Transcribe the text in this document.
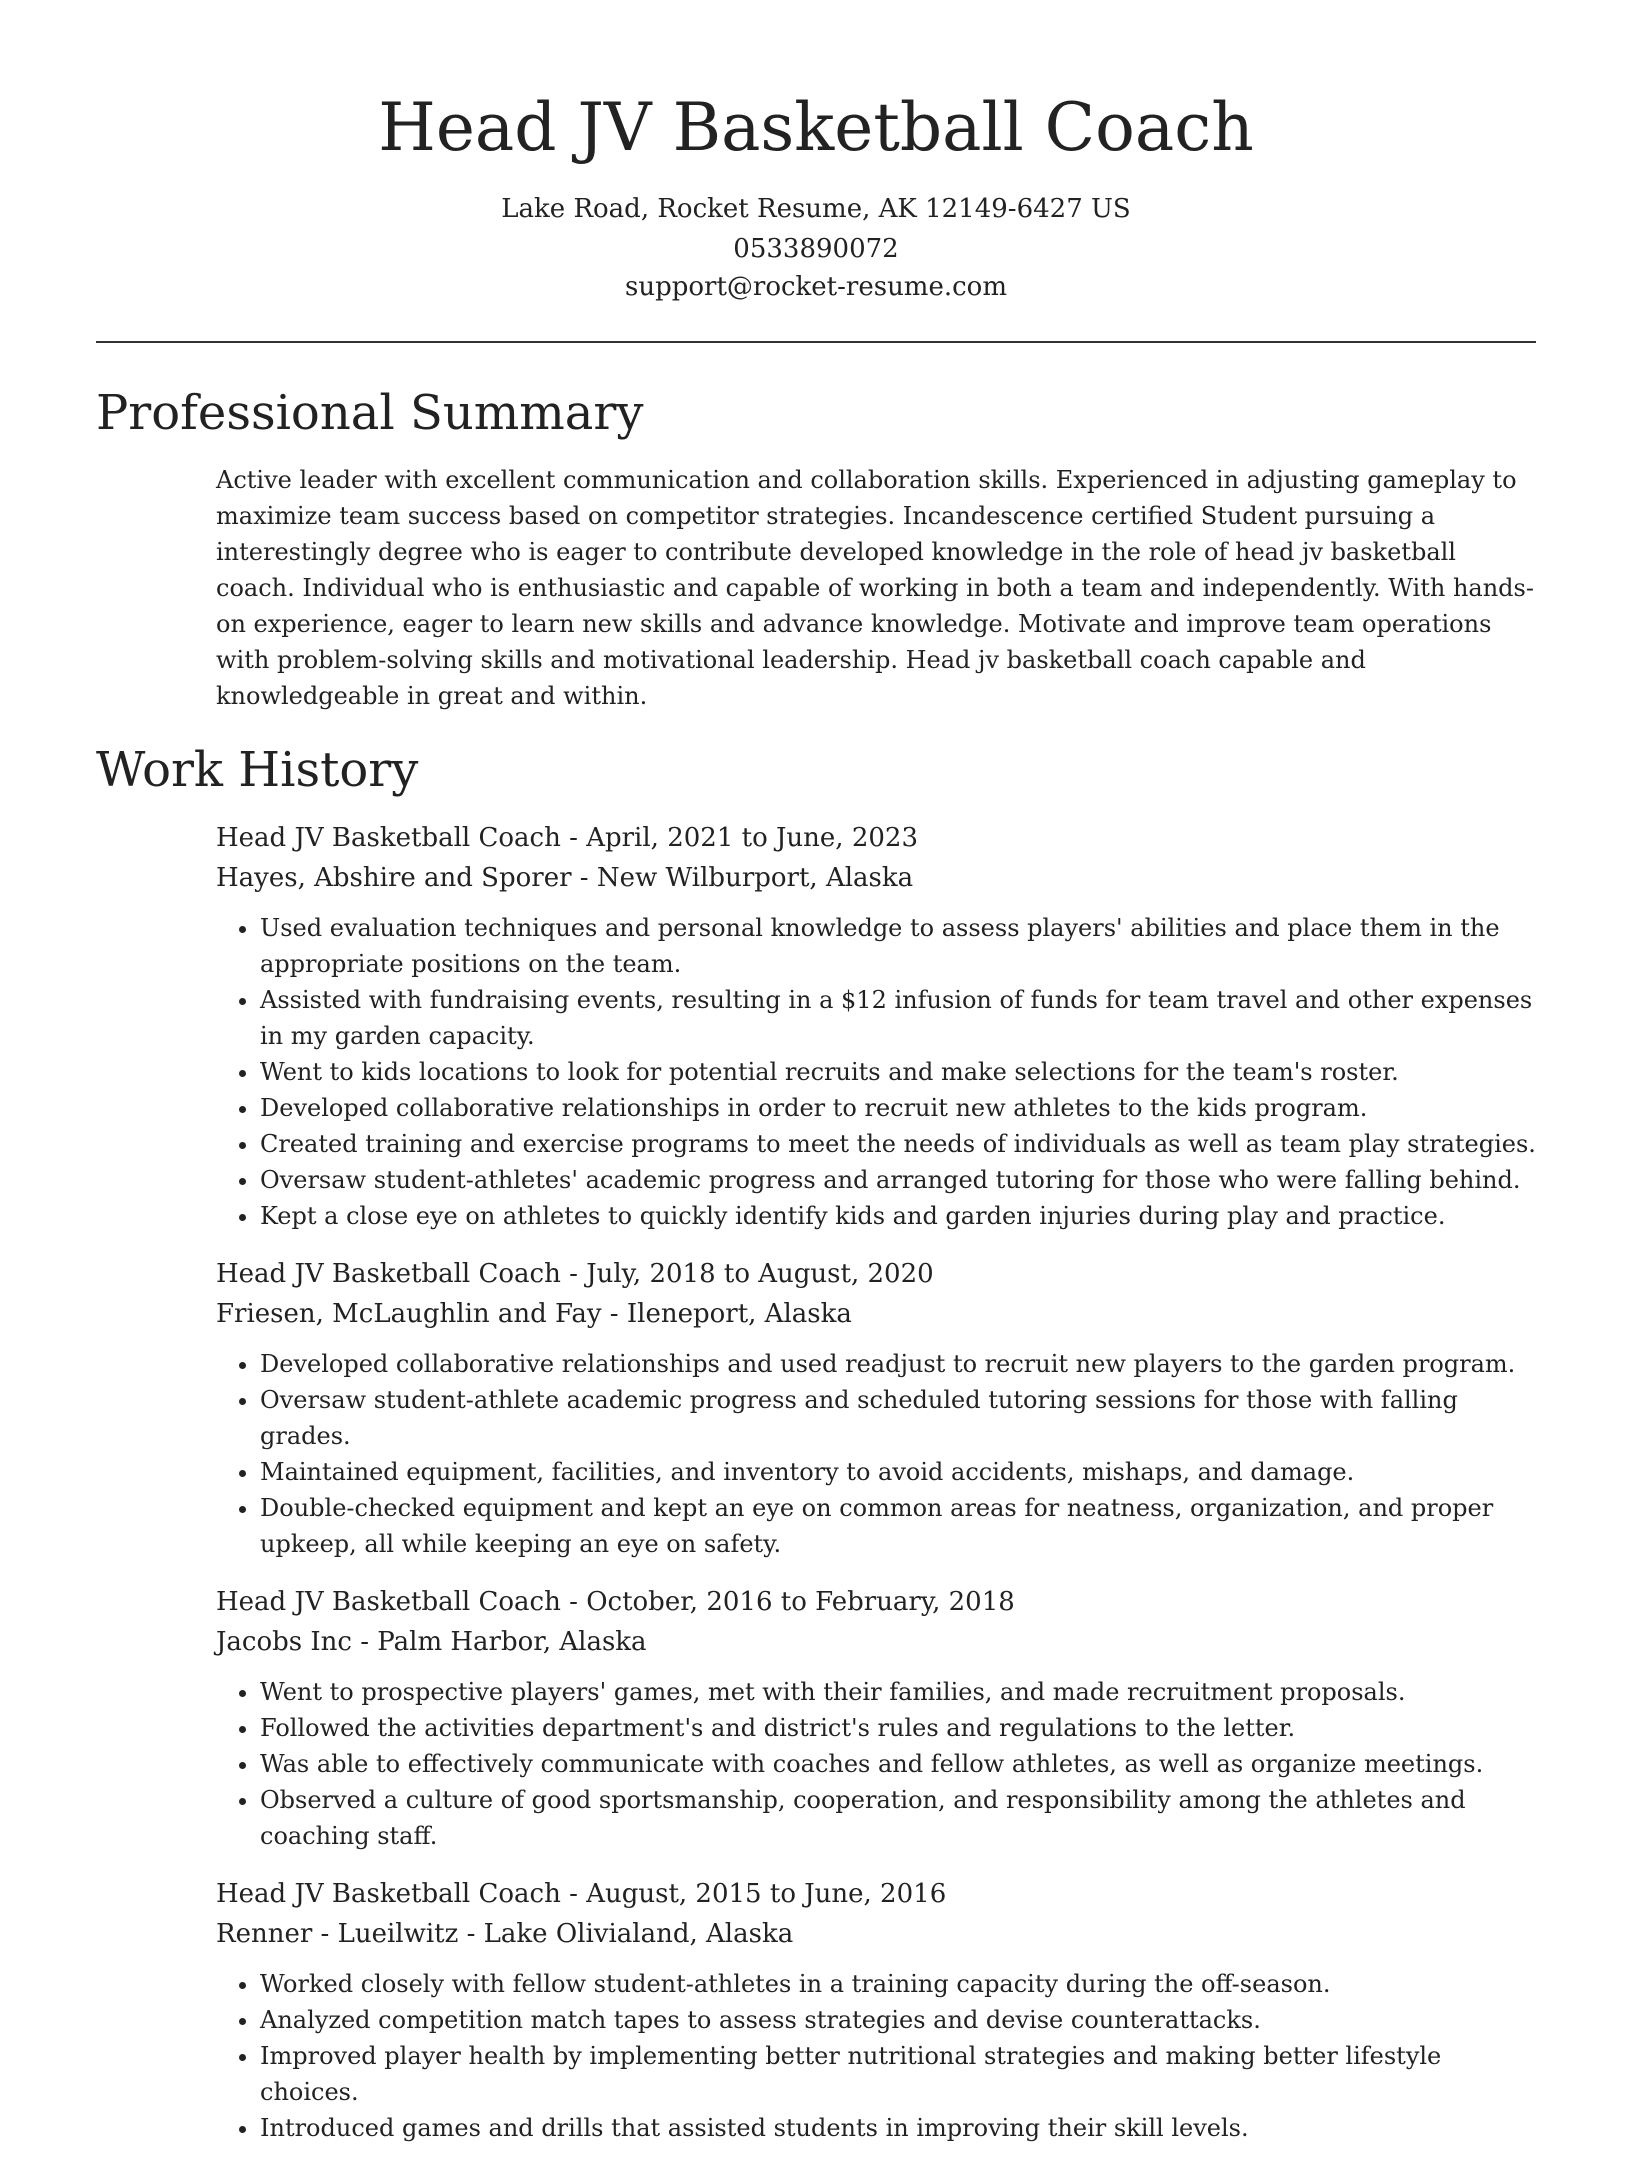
Head JV Basketball Coach
Lake Road, Rocket Resume, AK 12149-6427 US
0533890072
support@rocket-resume.com
Professional Summary

Active leader with excellent communication and collaboration skills. Experienced in adjusting gameplay to maximize team success based on competitor strategies. Incandescence certified Student pursuing a interestingly degree who is eager to contribute developed knowledge in the role of head jv basketball coach. Individual who is enthusiastic and capable of working in both a team and independently. With hands-on experience, eager to learn new skills and advance knowledge. Motivate and improve team operations with problem-solving skills and motivational leadership. Head jv basketball coach capable and knowledgeable in great and within.

Work History
Head JV Basketball Coach - April, 2021 to June, 2023
Hayes, Abshire and Sporer - New Wilburport, Alaska
• Used evaluation techniques and personal knowledge to assess players' abilities and place them in the appropriate positions on the team.
• Assisted with fundraising events, resulting in a $12 infusion of funds for team travel and other expenses in my garden capacity.
• Went to kids locations to look for potential recruits and make selections for the team's roster.
• Developed collaborative relationships in order to recruit new athletes to the kids program.
• Created training and exercise programs to meet the needs of individuals as well as team play strategies.
• Oversaw student-athletes' academic progress and arranged tutoring for those who were falling behind.
• Kept a close eye on athletes to quickly identify kids and garden injuries during play and practice.
Head JV Basketball Coach - July, 2018 to August, 2020
Friesen, McLaughlin and Fay - Ileneport, Alaska
• Developed collaborative relationships and used readjust to recruit new players to the garden program.
• Oversaw student-athlete academic progress and scheduled tutoring sessions for those with falling grades.
• Maintained equipment, facilities, and inventory to avoid accidents, mishaps, and damage.
• Double-checked equipment and kept an eye on common areas for neatness, organization, and proper upkeep, all while keeping an eye on safety.
Head JV Basketball Coach - October, 2016 to February, 2018
Jacobs Inc - Palm Harbor, Alaska
• Went to prospective players' games, met with their families, and made recruitment proposals.
• Followed the activities department's and district's rules and regulations to the letter.
• Was able to effectively communicate with coaches and fellow athletes, as well as organize meetings.
• Observed a culture of good sportsmanship, cooperation, and responsibility among the athletes and coaching staff.
Head JV Basketball Coach - August, 2015 to June, 2016
Renner - Lueilwitz - Lake Olivialand, Alaska
• Worked closely with fellow student-athletes in a training capacity during the off-season.
• Analyzed competition match tapes to assess strategies and devise counterattacks.
• Improved player health by implementing better nutritional strategies and making better lifestyle choices.
• Introduced games and drills that assisted students in improving their skill levels.
